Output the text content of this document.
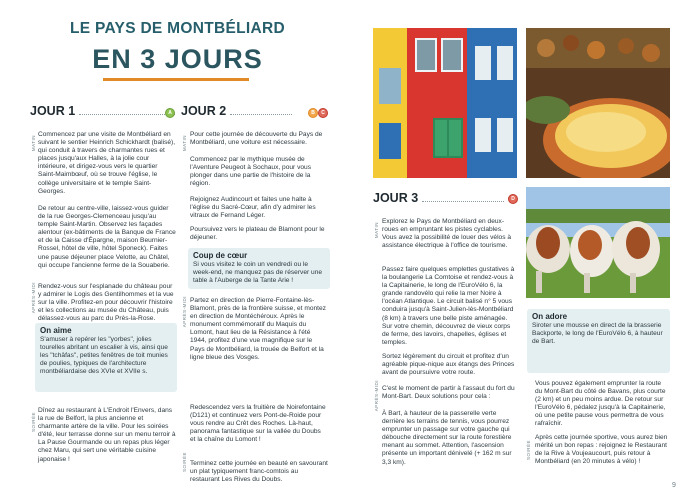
LE PAYS DE MONTBÉLIARD
EN 3 JOURS
JOUR 1	A
MATIN

Commencez par une visite de Montbéliard en suivant le sentier Heinrich Schickhardt (balisé), qui conduit à travers de charmantes rues et places jusqu'aux Halles, à la jolie cour intérieure, et dirigez-vous vers le quartier Saint-Maimbœuf, où se trouve l'église, le collège universitaire et le temple Saint-Georges.

De retour au centre-ville, laissez-vous guider de la rue Georges-Clemenceau jusqu'au temple Saint-Martin. Observez les façades alentour (ex-bâtiments de la Banque de France et de la Caisse d'Épargne, maison Beurnier-Rossel, hôtel de ville, hôtel Sponeck). Faites une pause déjeuner place Velotte, au Châtel, qui occupe l'ancienne ferme de la Souaberie.

APRÈS-MIDI Rendez-vous sur l'esplanade du château pour y admirer le Logis des Gentilhommes et la vue sur la ville. Profitez-en pour découvrir l'histoire et les collections au musée du Château, puis délassez-vous au parc du Près-la-Rose.

On aime
S'amuser à repérer les "yorbes", jolies tourelles abritant un escalier à vis, ainsi que les "tchâfas", petites fenêtres de toit munies de poulies, typiques de l'architecture montbéliardaise des XVIe et XVIIe s.
SOIRÉE

Dînez au restaurant à L'Endroit l'Envers, dans la rue de Belfort, la plus ancienne et charmante artère de la ville. Pour les soirées d'été, leur terrasse donne sur un menu terroir à La Pause Gourmande ou un repas plus léger chez Maru, qui sert une véritable cuisine japonaise !

JOUR 2	B	C
MATIN

Pour cette journée de découverte du Pays de Montbéliard, une voiture est nécessaire.

Commencez par le mythique musée de l'Aventure Peugeot à Sochaux, pour vous plonger dans une partie de l'histoire de la région.

Rejoignez Audincourt et faites une halte à l'église du Sacré-Cœur, afin d'y admirer les vitraux de Fernand Léger.

Poursuivez vers le plateau de Blamont pour le déjeuner.

Coup de cœur
Si vous visitez le coin un vendredi ou le week-end, ne manquez pas de réserver une table à l'Auberge de la Tante Arie !
APRÈS-MIDI Partez en direction de Pierre-Fontaine-lès-Blamont, près de la frontière suisse, et montez en direction de Montéchéroux. Après le monument commémoratif du Maquis du Lomont, haut lieu de la Résistance à l'été 1944, profitez d'une vue magnifique sur le Pays de Montbéliard, la trouée de Belfort et la ligne bleue des Vosges.

Redescendez vers la fruitière de Noirefontaine (D121) et continuez vers Pont-de-Roide pour vous rendre au Crêt des Roches. Là-haut, panorama fantastique sur la vallée du Doubs et la chaîne du Lomont !

SOIRÉE Terminez cette journée en beauté en savourant un plat typiquement franc-comtois au restaurant Les Rives du Doubs.

JOUR 3	D
MATIN

Explorez le Pays de Montbéliard en deux-roues en empruntant les pistes cyclables. Vous avez la possibilité de louer des vélos à assistance électrique à l'office de tourisme.

Passez faire quelques emplettes gustatives à la boulangerie La Comtoise et rendez-vous à la Capitainerie, le long de l'EuroVélo 6, la grande randovélo qui relie la mer Noire à l'océan Atlantique. Le circuit balisé n° 5 vous conduira jusqu'à Saint-Julien-lès-Montbéliard (8 km) à travers une belle piste aménagée. Sur votre chemin, découvrez de vieux corps de ferme, des lavoirs, chapelles, églises et temples.

Sortez légèrement du circuit et profitez d'un agréable pique-nique aux étangs des Princes avant de poursuivre votre route.

APRÈS-MIDI C'est le moment de partir à l'assaut du fort du Mont-Bart. Deux solutions pour cela :

À Bart, à hauteur de la passerelle verte derrière les terrains de tennis, vous pourrez emprunter un passage sur votre gauche qui débouche directement sur la route forestière menant au sommet. Attention, l'ascension présente un important dénivelé (+ 162 m sur 3,3 km).

On adore
Siroter une mousse en direct de la brasserie Backporte, le long de l'EuroVélo 6, à hauteur de Bart.

Vous pouvez également emprunter la route du Mont-Bart du côté de Bavans, plus courte (2 km) et un peu moins ardue. De retour sur l'EuroVélo 6, pédalez jusqu'à la Capitainerie, où une petite pause vous permettra de vous rafraîchir.

SOIRÉE

Après cette journée sportive, vous aurez bien mérité un bon repas : rejoignez le Restaurant de la Rive à Voujeaucourt, puis retour à Montbéliard (en 20 minutes à vélo) !

9
